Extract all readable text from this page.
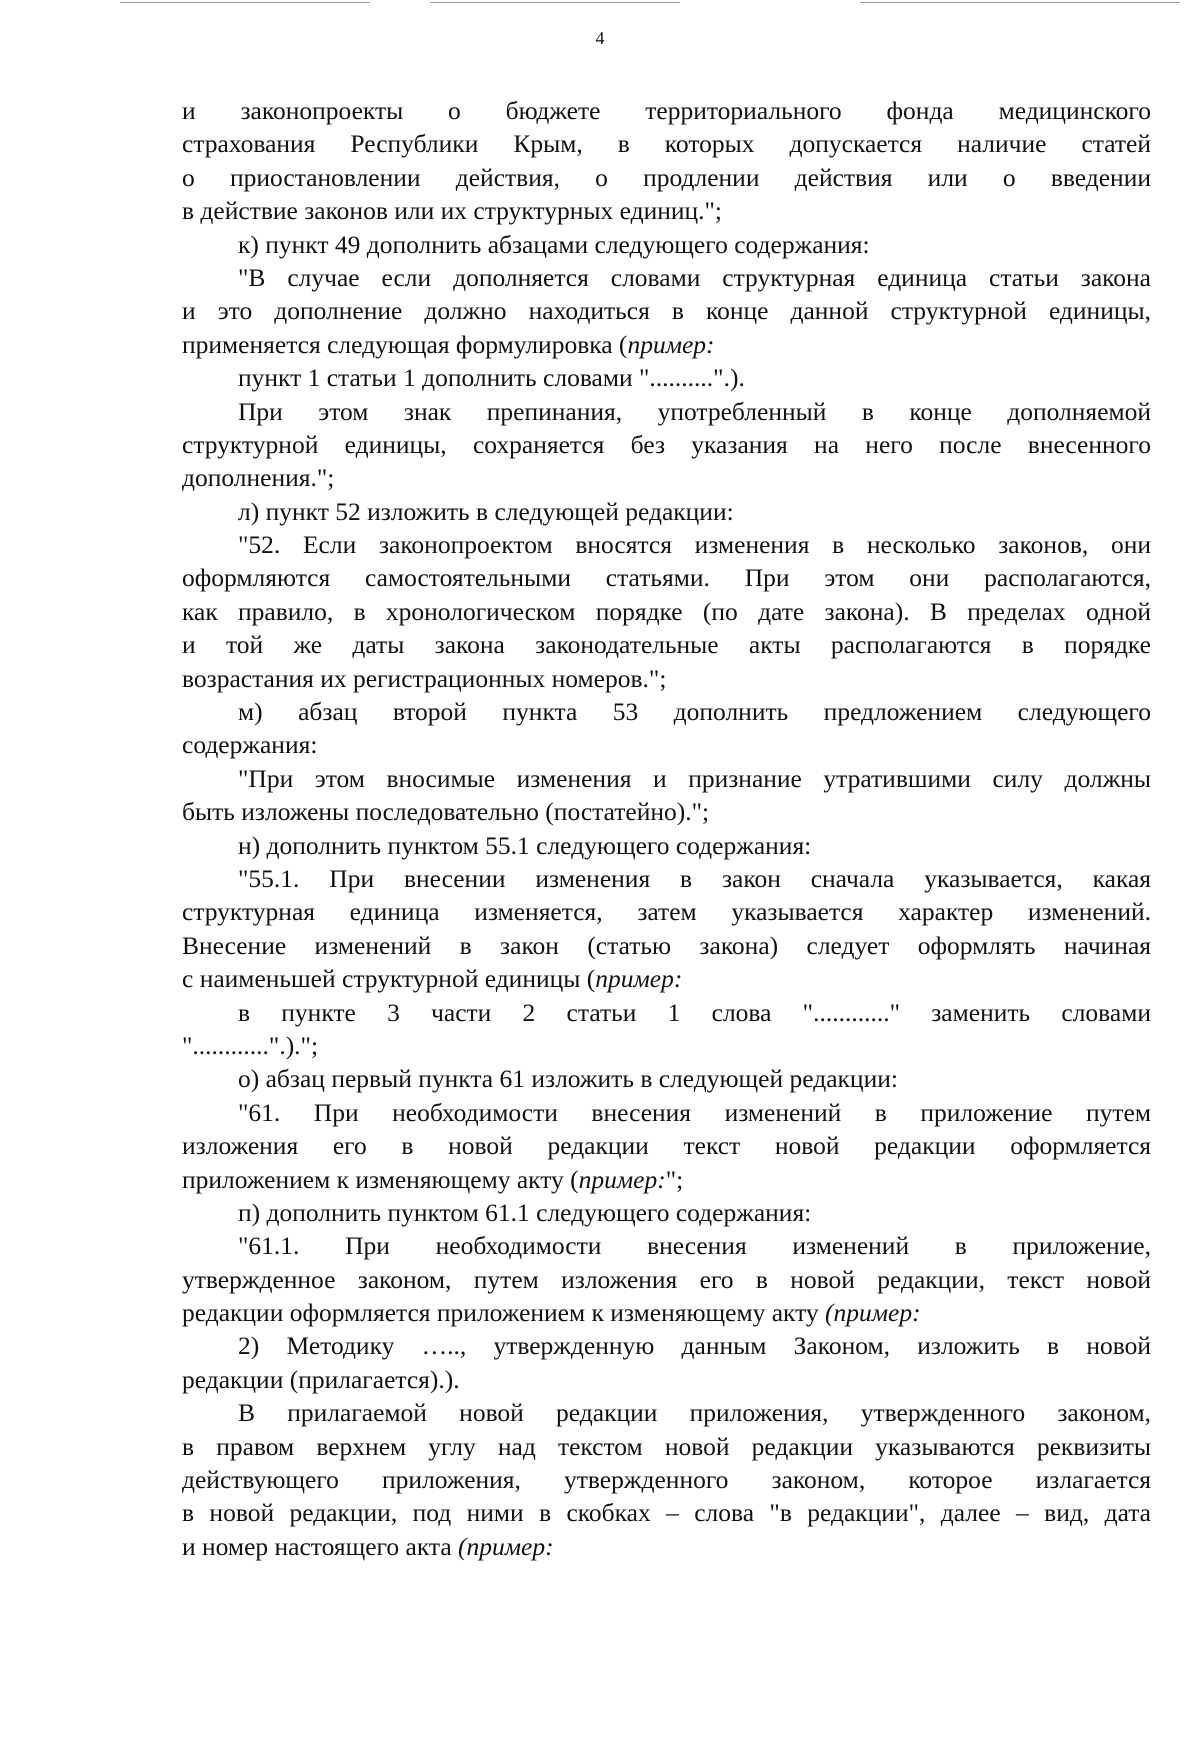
4
и законопроекты о бюджете территориального фонда медицинского
страхования Республики Крым, в которых допускается наличие статей
о приостановлении действия, о продлении действия или о введении
в действие законов или их структурных единиц.";
к) пункт 49 дополнить абзацами следующего содержания:
"В случае если дополняется словами структурная единица статьи закона
и это дополнение должно находиться в конце данной структурной единицы,
применяется следующая формулировка (пример:
пункт 1 статьи 1 дополнить словами "..........".).
При этом знак препинания, употребленный в конце дополняемой
структурной единицы, сохраняется без указания на него после внесенного
дополнения.";
л) пункт 52 изложить в следующей редакции:
"52. Если законопроектом вносятся изменения в несколько законов, они
оформляются самостоятельными статьями. При этом они располагаются,
как правило, в хронологическом порядке (по дате закона). В пределах одной
и той же даты закона законодательные акты располагаются в порядке
возрастания их регистрационных номеров.";
м) абзац второй пункта 53 дополнить предложением следующего
содержания:
"При этом вносимые изменения и признание утратившими силу должны
быть изложены последовательно (постатейно).";
н) дополнить пунктом 55.1 следующего содержания:
"55.1. При внесении изменения в закон сначала указывается, какая
структурная единица изменяется, затем указывается характер изменений.
Внесение изменений в закон (статью закона) следует оформлять начиная
с наименьшей структурной единицы (пример:
в пункте 3 части 2 статьи 1 слова "............" заменить словами
"............".).";
о) абзац первый пункта 61 изложить в следующей редакции:
"61. При необходимости внесения изменений в приложение путем
изложения его в новой редакции текст новой редакции оформляется
приложением к изменяющему акту (пример:";
п) дополнить пунктом 61.1 следующего содержания:
"61.1. При необходимости внесения изменений в приложение,
утвержденное законом, путем изложения его в новой редакции, текст новой
редакции оформляется приложением к изменяющему акту (пример:
2) Методику ….., утвержденную данным Законом, изложить в новой
редакции (прилагается).).
В прилагаемой новой редакции приложения, утвержденного законом,
в правом верхнем углу над текстом новой редакции указываются реквизиты
действующего приложения, утвержденного законом, которое излагается
в новой редакции, под ними в скобках – слова "в редакции", далее – вид, дата
и номер настоящего акта (пример:
